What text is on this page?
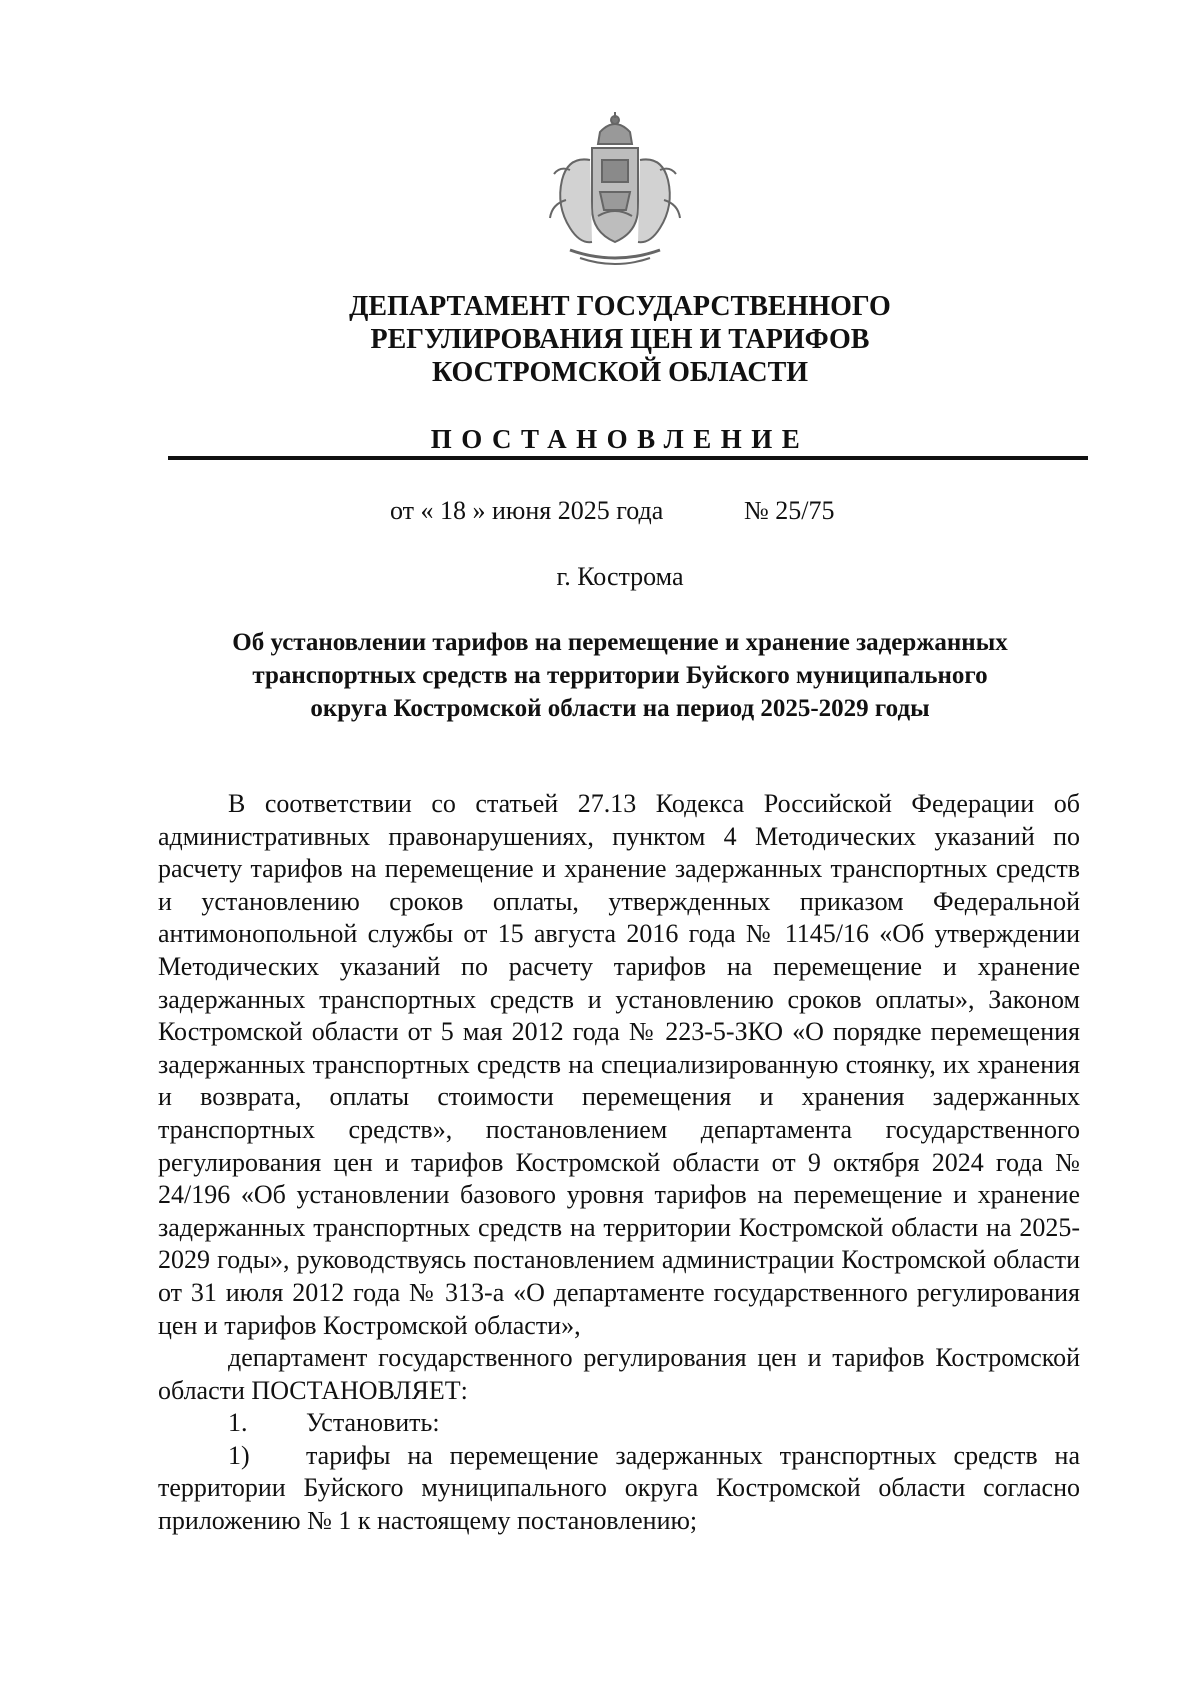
ДЕПАРТАМЕНТ ГОСУДАРСТВЕННОГО
РЕГУЛИРОВАНИЯ ЦЕН И ТАРИФОВ
КОСТРОМСКОЙ ОБЛАСТИ
ПОСТАНОВЛЕНИЕ
от « 18 » июня 2025 года	№ 25/75
г. Кострома
Об установлении тарифов на перемещение и хранение задержанных
транспортных средств на территории Буйского муниципального
округа Костромской области на период 2025-2029 годы

В соответствии со статьей 27.13 Кодекса Российской Федерации об административных правонарушениях, пунктом 4 Методических указаний по расчету тарифов на перемещение и хранение задержанных транспортных средств и установлению сроков оплаты, утвержденных приказом Федеральной антимонопольной службы от 15 августа 2016 года № 1145/16 «Об утверждении Методических указаний по расчету тарифов на перемещение и хранение задержанных транспортных средств и установлению сроков оплаты», Законом Костромской области от 5 мая 2012 года № 223-5-ЗКО «О порядке перемещения задержанных транспортных средств на специализированную стоянку, их хранения и возврата, оплаты стоимости перемещения и хранения задержанных транспортных средств», постановлением департамента государственного регулирования цен и тарифов Костромской области от 9 октября 2024 года № 24/196 «Об установлении базового уровня тарифов на перемещение и хранение задержанных транспортных средств на территории Костромской области на 2025-2029 годы», руководствуясь постановлением администрации Костромской области от 31 июля 2012 года № 313-а «О департаменте государственного регулирования цен и тарифов Костромской области»,

департамент государственного регулирования цен и тарифов Костромской области ПОСТАНОВЛЯЕТ:

1.	Установить:

1) тарифы на перемещение задержанных транспортных средств на территории Буйского муниципального округа Костромской области согласно приложению № 1 к настоящему постановлению;
